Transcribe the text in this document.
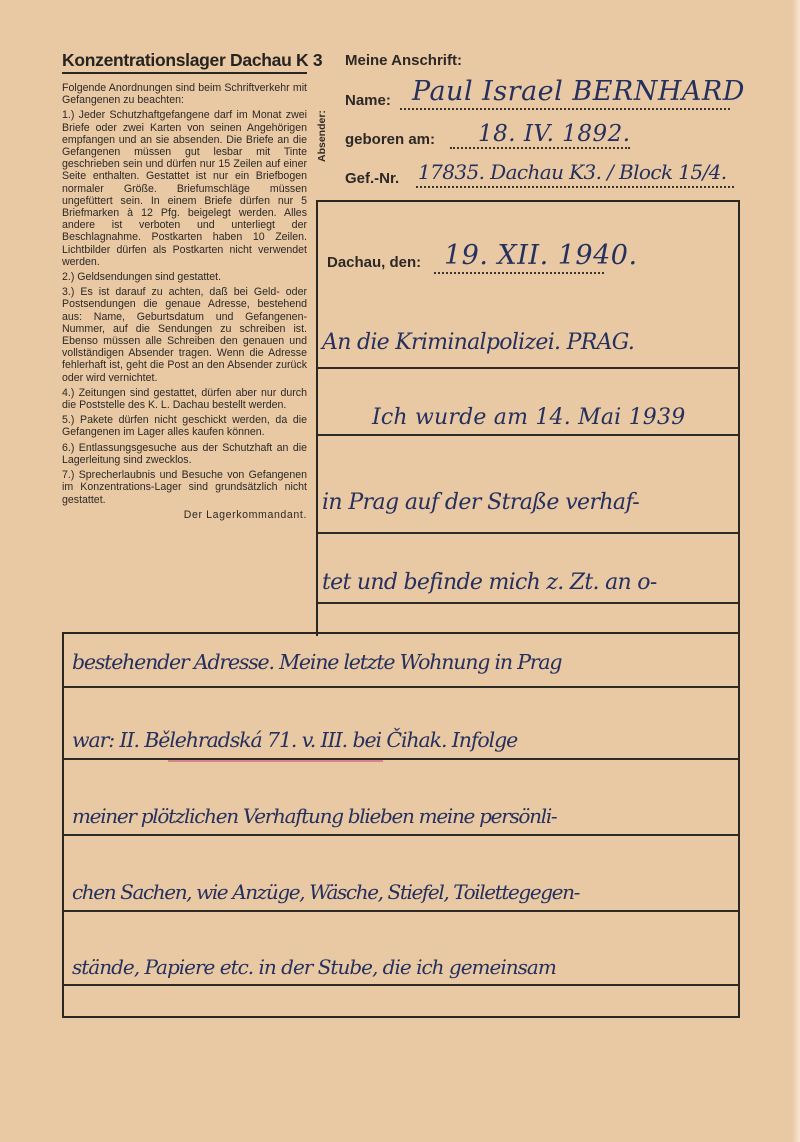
Konzentrationslager Dachau K 3

Folgende Anordnungen sind beim Schriftverkehr mit Gefangenen zu beachten:

1.) Jeder Schutzhaftgefangene darf im Monat zwei Briefe oder zwei Karten von seinen Angehörigen empfangen und an sie absenden. Die Briefe an die Gefangenen müssen gut lesbar mit Tinte geschrieben sein und dürfen nur 15 Zeilen auf einer Seite enthalten. Gestattet ist nur ein Briefbogen normaler Größe. Briefumschläge müssen ungefüttert sein. In einem Briefe dürfen nur 5 Briefmarken à 12 Pfg. beigelegt werden. Alles andere ist verboten und unterliegt der Beschlagnahme. Postkarten haben 10 Zeilen. Lichtbilder dürfen als Postkarten nicht verwendet werden.

2.) Geldsendungen sind gestattet.

3.) Es ist darauf zu achten, daß bei Geld- oder Postsendungen die genaue Adresse, bestehend aus: Name, Geburtsdatum und Gefangenen-Nummer, auf die Sendungen zu schreiben ist. Ebenso müssen alle Schreiben den genauen und vollständigen Absender tragen. Wenn die Adresse fehlerhaft ist, geht die Post an den Absender zurück oder wird vernichtet.

4.) Zeitungen sind gestattet, dürfen aber nur durch die Poststelle des K. L. Dachau bestellt werden.

5.) Pakete dürfen nicht geschickt werden, da die Gefangenen im Lager alles kaufen können.

6.) Entlassungsgesuche aus der Schutzhaft an die Lagerleitung sind zwecklos.

7.) Sprecherlaubnis und Besuche von Gefangenen im Konzentrations-Lager sind grundsätzlich nicht gestattet.

Der Lagerkommandant.

Absender:
Meine Anschrift:
Name: Paul Israel BERNHARD
geboren am: 18. IV. 1892.
Gef.-Nr. 17835. Dachau K3. / Block 15/4.
Dachau, den: 19. XII. 1940.
An die Kriminalpolizei. PRAG.
Ich wurde am 14. Mai 1939
in Prag auf der Straße verhaf-
tet und befinde mich z. Zt. an o-
bestehender Adresse. Meine letzte Wohnung in Prag
war: II. Bělehradská 71. v. III. bei Čihak. Infolge
meiner plötzlichen Verhaftung blieben meine persönli-
chen Sachen, wie Anzüge, Wäsche, Stiefel, Toilettegegen-
stände, Papiere etc. in der Stube, die ich gemeinsam
